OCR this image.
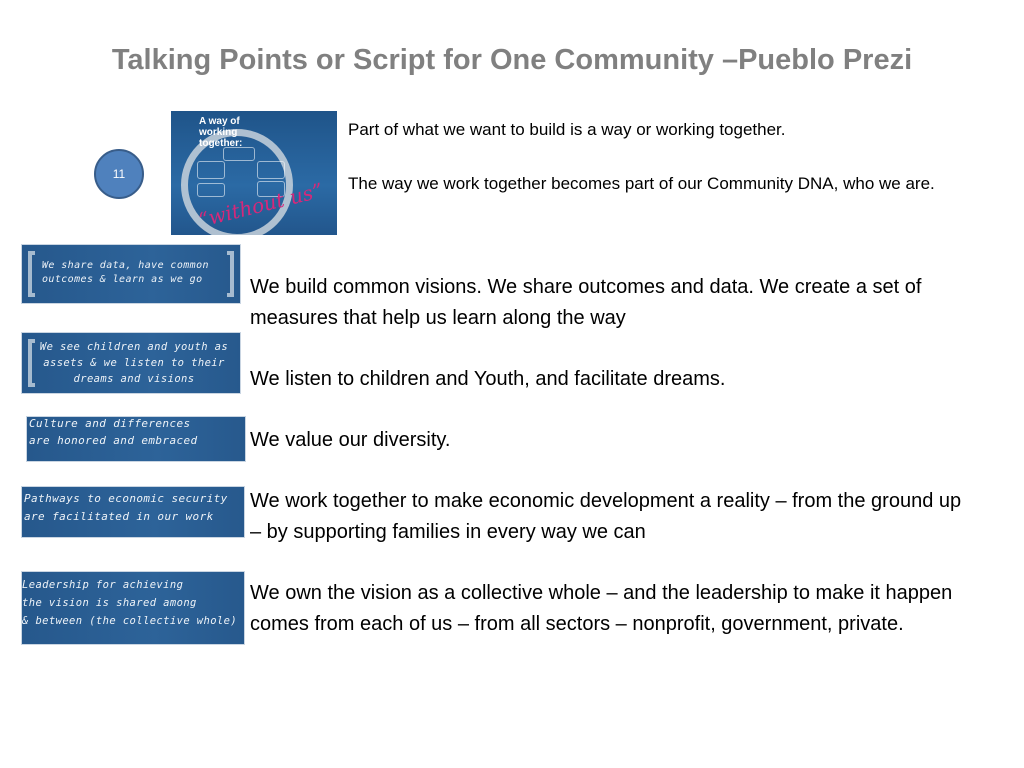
Talking Points or Script for One Community –Pueblo Prezi
11
A way of working together:
“without us”

Part of what we want to build is a way or working together.

The way we work together becomes part of our Community DNA, who we are.

We share data, have common
outcomes & learn as we go
We see children and youth as
assets & we listen to their
dreams and visions
Culture and differences
are honored and embraced
Pathways to economic security
are facilitated in our work
Leadership for achieving
the vision is shared among
& between (the collective whole)

We build common visions. We share outcomes and data. We create a set of measures that help us learn along the way

We listen to children and Youth, and facilitate dreams.

We value our diversity.

We work together to make economic development a reality – from the ground up – by supporting families in every way we can

We own the vision as a collective whole – and the leadership to make it happen comes from each of us – from all sectors – nonprofit, government, private.
